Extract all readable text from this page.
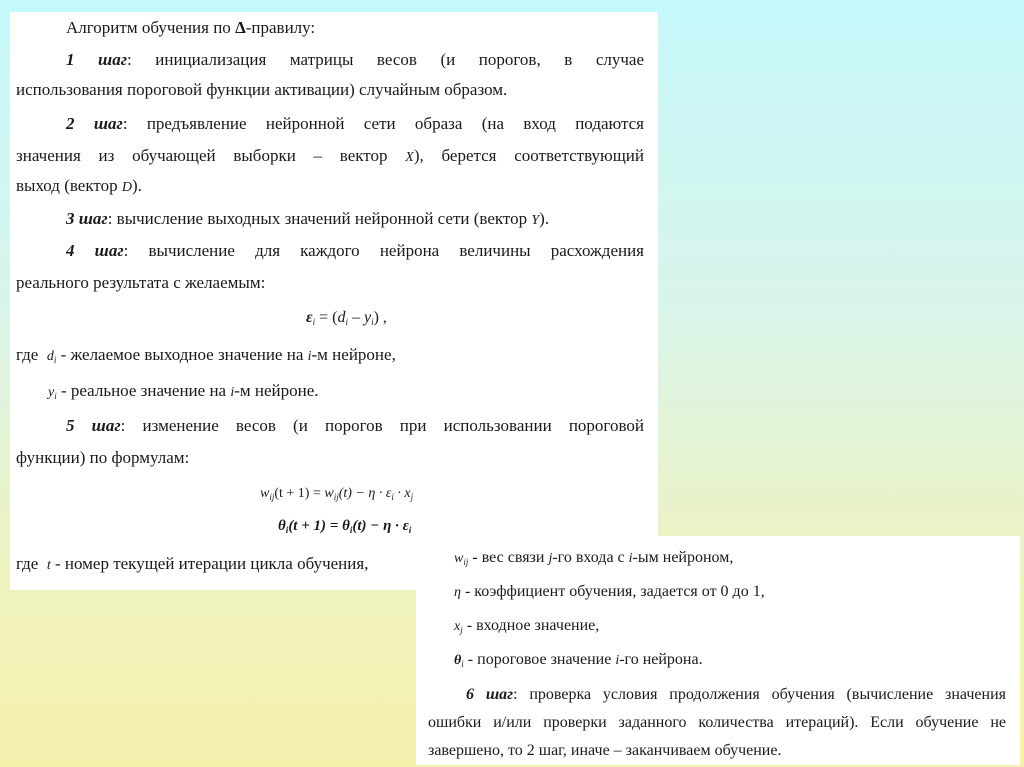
Алгоритм обучения по Δ-правилу:
1 шаг: инициализация матрицы весов (и порогов, в случае
использования пороговой функции активации) случайным образом.
2 шаг: предъявление нейронной сети образа (на вход подаются
значения из обучающей выборки – вектор X), берется соответствующий
выход (вектор D).
3 шаг: вычисление выходных значений нейронной сети (вектор Y).
4 шаг: вычисление для каждого нейрона величины расхождения
реального результата с желаемым:
$\varepsilon_i = (d_i - y_i)$ ,
где $d_i$ - желаемое выходное значение на i-м нейроне,
$y_i$ - реальное значение на i-м нейроне.
5 шаг: изменение весов (и порогов при использовании пороговой
функции) по формулам:
$w_{ij}(t + 1) = w_{ij}(t) - \eta \cdot \varepsilon_i \cdot x_j$
$\theta_i(t + 1) = \theta_i(t) - \eta \cdot \varepsilon_i$
где t - номер текущей итерации цикла обучения,	$w_{ij}$ - вес связи j-го входа с i-ым нейроном,
η - коэффициент обучения, задается от 0 до 1,
$x_j$ - входное значение,
$\theta_i$ - пороговое значение i-го нейрона.
6 шаг: проверка условия продолжения обучения (вычисление значения
ошибки и/или проверки заданного количества итераций). Если обучение не
завершено, то 2 шаг, иначе – заканчиваем обучение.
